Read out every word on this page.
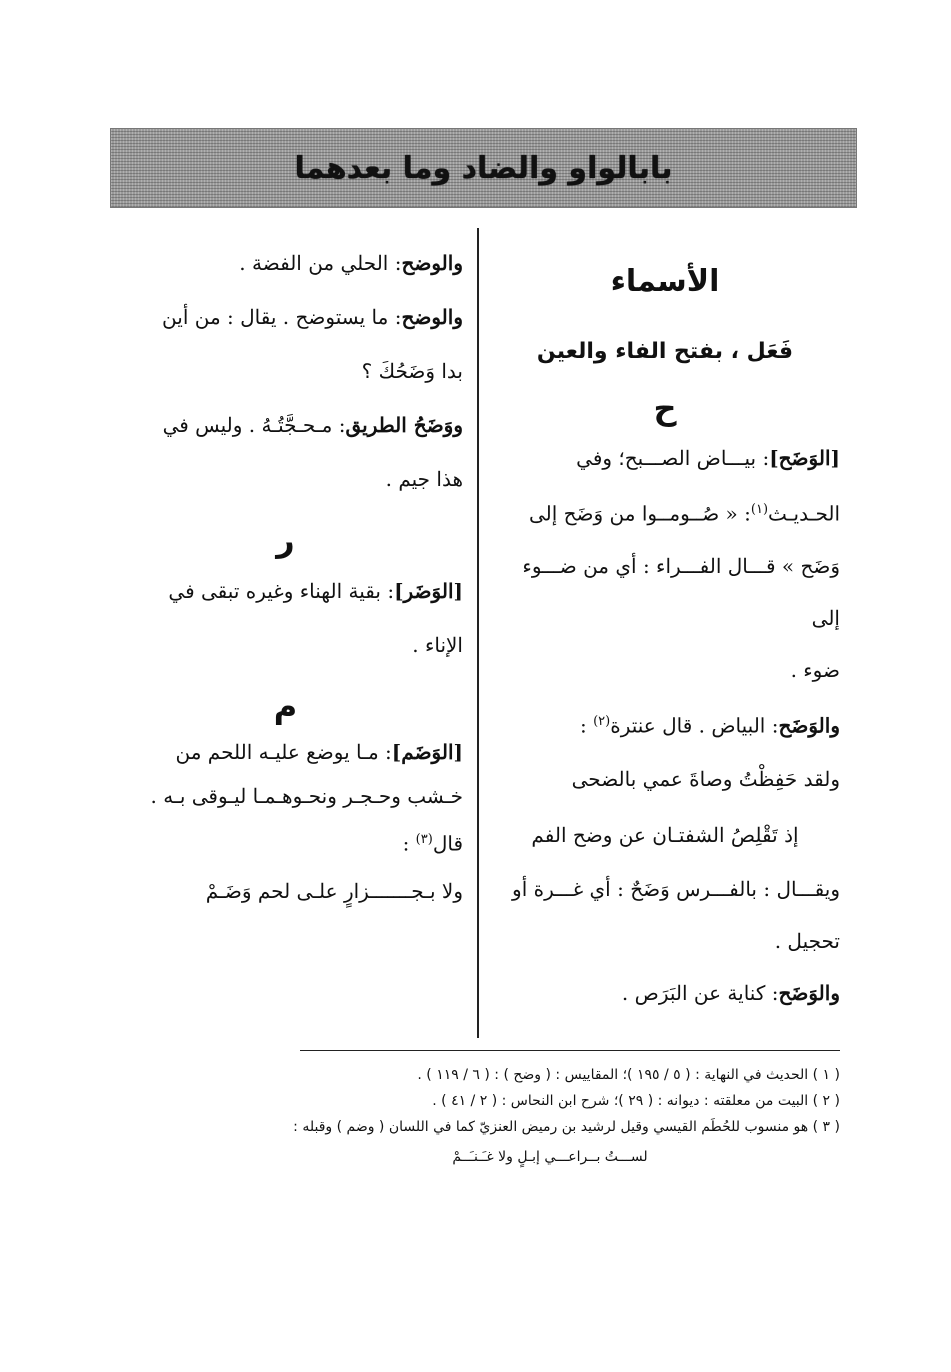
بابالواو والضاد وما بعدهما

الأسماء

فَعَل ، بفتح الفاء والعين

ح

[الوَضَح]: بيـــاض الصـــبح؛ وفي

الحـديـث$^{(١)}$: « صُــومــوا من وَضَح إلى

وَضَح » قـــال الفـــراء : أي من ضـــوء إلى

ضوء .

والوَضَح: البياض . قال عنترة$^{(٢)}$ :

ولقد حَفِظْتُ وصاةَ عمي بالضحى

إذ تَقْلِصُ الشفتـان عن وضح الفم

ويقـــال : بالفـــرس وَضَحٌ : أي غـــرة أو

تحجيل .

والوَضَح: كناية عن البَرَص .

والوضح: الحلي من الفضة .

والوضح: ما يستوضح . يقال : من أين

بدا وَضَحُكَ ؟

ووَضَحُ الطريق: مـحـجَّتُـهُ . وليس في

هذا جيم .

ر

[الوَضَر]: بقية الهناء وغيره تبقى في

الإناء .

م

[الوَضَم]: مـا يوضع عليـه اللحم من

خـشب وحـجـر ونحـوهـمـا ليـوقى بـه .

قال$^{(٣)}$ :

ولا بـجـــــــزارٍ علـى لحم وَضَـمْ

( ١ ) الحديث في النهاية : ( ٥ / ١٩٥ )؛ المقاييس : ( وضح ) : ( ٦ / ١١٩ ) .

( ٢ ) البيت من معلقته : ديوانه : ( ٢٩ )؛ شرح ابن النحاس : ( ٢ / ٤١ ) .

( ٣ ) هو منسوب للحُطَم القيسي وقيل لرشيد بن رميض العنزيّ كما في اللسان ( وضم ) وقبله :

لســـتُ بــراعـــي إبـلٍ ولا غـَـنـَــمْ
